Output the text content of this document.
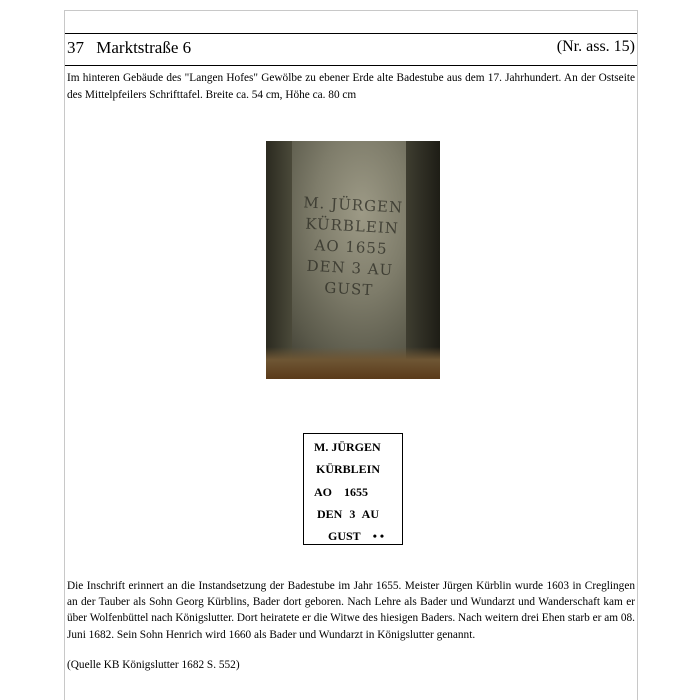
37 Marktstraße 6	(Nr. ass. 15)
Im hinteren Gebäude des "Langen Hofes" Gewölbe zu ebener Erde alte Badestube aus dem 17. Jahrhundert. An der Ostseite des Mittelpfeilers Schrifttafel. Breite ca. 54 cm, Höhe ca. 80 cm
M. JÜRGEN
KÜRBLEIN
AO 1655
DEN 3 AU
GUST
M. JÜRGEN
KÜRBLEIN
AO 1655
DEN 3 AU
GUST • •
Die Inschrift erinnert an die Instandsetzung der Badestube im Jahr 1655. Meister Jürgen Kürblin wurde 1603 in Creglingen an der Tauber als Sohn Georg Kürblins, Bader dort geboren. Nach Lehre als Bader und Wundarzt und Wanderschaft kam er über Wolfenbüttel nach Königslutter. Dort heiratete er die Witwe des hiesigen Baders. Nach weitern drei Ehen starb er am 08. Juni 1682. Sein Sohn Henrich wird 1660 als Bader und Wundarzt in Königslutter genannt.
(Quelle KB Königslutter 1682 S. 552)
